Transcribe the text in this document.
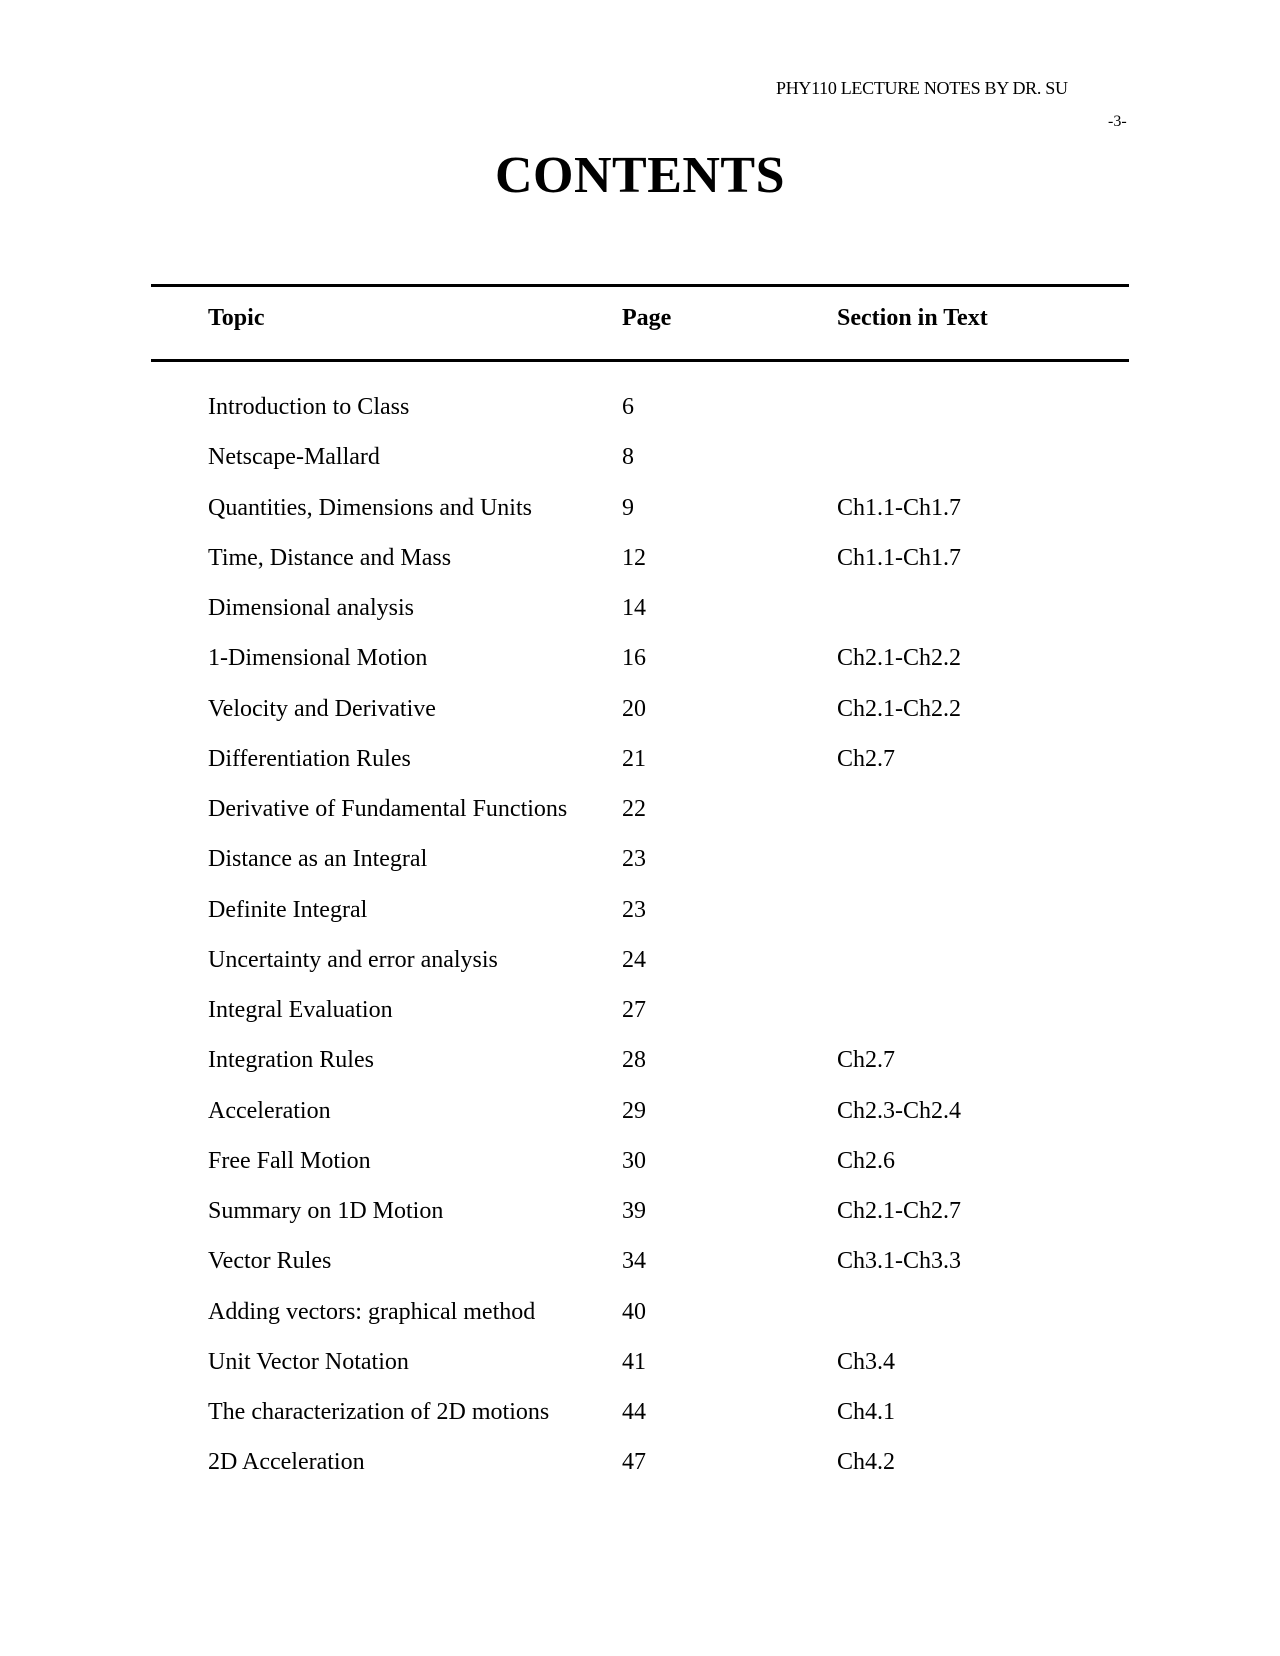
PHY110 LECTURE NOTES BY DR. SU
-3-
CONTENTS
Topic	Page	Section in Text
Introduction to Class	6
Netscape-Mallard	8
Quantities, Dimensions and Units	9	Ch1.1-Ch1.7
Time, Distance and Mass	12	Ch1.1-Ch1.7
Dimensional analysis	14
1-Dimensional Motion	16	Ch2.1-Ch2.2
Velocity and Derivative	20	Ch2.1-Ch2.2
Differentiation Rules	21	Ch2.7
Derivative of Fundamental Functions 22
Distance as an Integral	23
Definite Integral	23
Uncertainty and error analysis	24
Integral Evaluation	27
Integration Rules	28	Ch2.7
Acceleration	29	Ch2.3-Ch2.4
Free Fall Motion	30	Ch2.6
Summary on 1D Motion	39	Ch2.1-Ch2.7
Vector Rules	34	Ch3.1-Ch3.3
Adding vectors: graphical method	40
Unit Vector Notation	41	Ch3.4
The characterization of 2D motions	44	Ch4.1
2D Acceleration	47	Ch4.2
